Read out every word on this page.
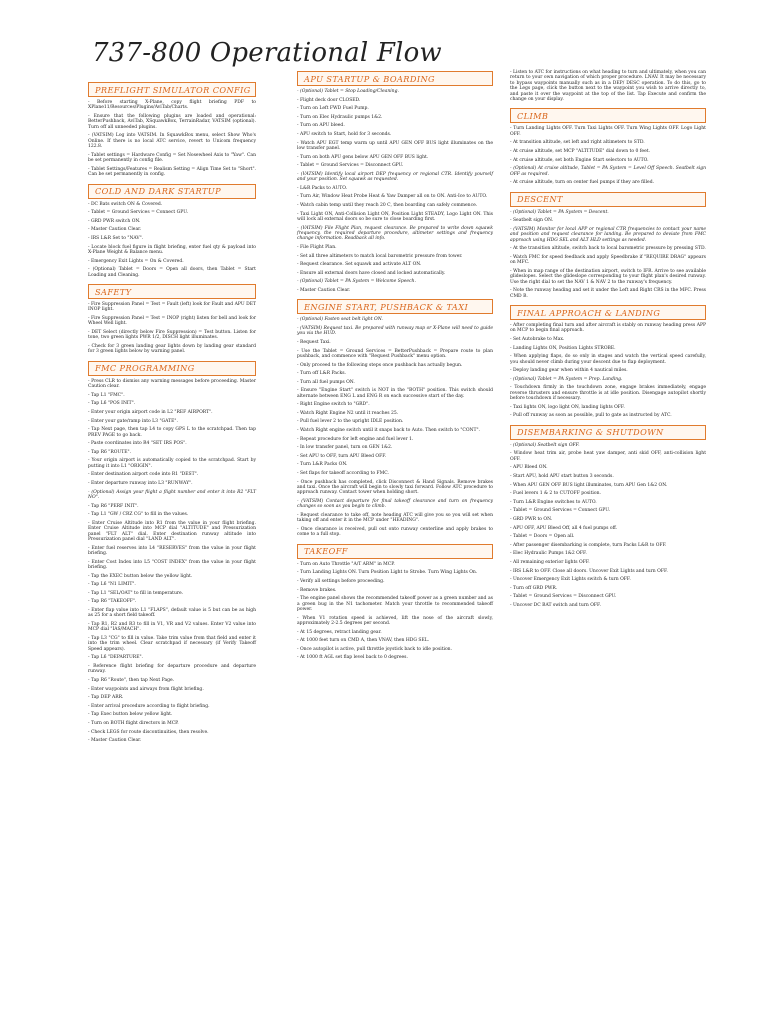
737-800 Operational Flow
PREFLIGHT SIMULATOR CONFIG
- Before starting X-Plane, copy flight briefing PDF to XPlane11/Resources/Plugins/AviTab/Charts.
- Ensure that the following plugins are loaded and operational: BetterPushback, AviTab, XSquawkBox, TerrainRadar, VATSIM (optional). Turn off all unneeded plugins.
- (VATSIM) Log into VATSIM. In SquawkBox menu, select Show Who's Online. If there is no local ATC service, revert to Unicom frequency 122.8.
- Tablet settings = Hardware Config = Set Nosewheel Axis to "Yaw". Can be set permanently in config file.
- Tablet Settings/Features = Realism Setting = Align Time Set to "Short". Can be set permanently in config.
COLD AND DARK STARTUP
- DC Bats switch ON & Covered.
- Tablet = Ground Services = Connect GPU.
- GRD PWR switch ON.
- Master Caution Clear.
- IRS L&R Set to "NAV".
- Locate block fuel figure in flight briefing, enter fuel qty & payload into X-Plane Weight & Balance menu.
- Emergency Exit Lights = On & Covered.
- (Optional) Tablet = Doors = Open all doors, then Tablet = Start Loading and Cleaning.
SAFETY
- Fire Suppression Panel = Test = Fault (left) look for Fault and APU DET INOP light.
- Fire Suppression Panel = Test = INOP (right) listen for bell and look for Wheel Well light.
- DET Select (directly below Fire Suppression) = Test button. Listen for tone, two green lights PWR 1/2, DISCH light illuminates.
- Check for 3 green landing gear lights down by landing gear standard for 3 green lights below by warning panel.
FMC PROGRAMMING
- Press CLR to dismiss any warning messages before proceeding. Master Caution clear.
- Tap L1 "FMC".
- Tap L6 "POS INIT".
- Enter your origin airport code in L2 "REF AIRPORT".
- Enter your gate/ramp into L3 "GATE".
- Tap Next page, then tap L4 to copy GPS L to the scratchpad. Then tap PREV PAGE to go back.
- Paste coordinates into R4 "SET IRS POS".
- Tap R6 "ROUTE".
- Your origin airport is automatically copied to the scratchpad. Start by putting it into L1 "ORIGIN".
- Enter destination airport code into R1 "DEST".
- Enter departure runway into L3 "RUNWAY".
- (Optional) Assign your flight a flight number and enter it into R2 "FLT NO".
- Tap R6 "PERF INIT".
- Tap L1 "GW / CRZ CG" to fill in the values.
- Enter Cruise Altitude into R1 from the value in your flight briefing. Enter Cruise Altitude into MCP dial "ALTITUDE" and Pressurization panel "FLT ALT" dial. Enter destination runway altitude into Pressurization panel dial "LAND ALT".
- Enter fuel reserves into L4 "RESERVES" from the value in your flight briefing.
- Enter Cost Index into L5 "COST INDEX" from the value in your flight briefing.
- Tap the EXEC button below the yellow light.
- Tap L6 "N1 LIMIT".
- Tap L1 "SEL/OAT" to fill in temperature.
- Tap R6 "TAKEOFF".
- Enter flap value into L1 "FLAPS", default value is 5 but can be as high as 25 for a short field takeoff.
- Tap R1, R2 and R3 to fill in V1, VR and V2 values. Enter V2 value into MCP dial "IAS/MACH".
- Tap L3 "CG" to fill in value. Take trim value from that field and enter it into the trim wheel. Clear scratchpad if necessary (if Verify Takeoff Speed appears).
- Tap L6 "DEPARTURE".
- Reference flight briefing for departure procedure and departure runway.
- Tap R6 "Route", then tap Next Page.
- Enter waypoints and airways from flight briefing.
- Tap DEP ARR.
- Enter arrival procedure according to flight briefing.
- Tap Exec button below yellow light.
- Turn on BOTH flight directors in MCP.
- Check LEGS for route discontinuities, then resolve.
- Master Caution Clear.
APU STARTUP & BOARDING
- (Optional) Tablet = Stop Loading/Cleaning.
- Flight deck door CLOSED.
- Turn on Left FWD Fuel Pump.
- Turn on Elec Hydraulic pumps 1&2.
- Turn on APU bleed.
- APU switch to Start, hold for 3 seconds.
- Watch APU EGT temp warm up until APU GEN OFF BUS light illuminates on the low transfer panel.
- Turn on both APU gens below APU GEN OFF BUS light.
- Tablet = Ground Services = Disconnect GPU.
- (VATSIM) Identify local airport DEP frequency or regional CTR. Identify yourself and your position. Set squawk as requested.
- L&R Packs to AUTO.
- Turn Air, Window Heat Probe Heat & Yaw Damper all on to ON. Anti-Ice to AUTO.
- Watch cabin temp until they reach 20 C, then boarding can safely commence.
- Taxi Light ON, Anti-Collision Light ON, Position Light STEADY, Logo Light ON. This will lock all external doors so be sure to close boarding first.
- (VATSIM) File Flight Plan, request clearance. Be prepared to write down squawk frequency, the required departure procedure, altimeter settings and frequency change information. Readback all info.
- File Flight Plan.
- Set all three altimeters to match local barometric pressure from tower.
- Request clearance. Set squawk and activate ALT ON.
- Ensure all external doors have closed and locked automatically.
- (Optional) Tablet = PA System = Welcome Speech.
- Master Caution Clear.
ENGINE START, PUSHBACK & TAXI
- (Optional) Fasten seat belt light ON.
- (VATSIM) Request taxi. Be prepared with runway map or X-Plane will need to guide you via the HUD.
- Request Taxi.
- Use the Tablet = Ground Services = BetterPushback = Prepare route to plan pushback, and commence with "Request Pushback" menu option.
- Only proceed to the following steps once pushback has actually begun.
- Turn off L&R Packs.
- Turn all fuel pumps ON.
- Ensure "Engine Start" switch is NOT in the "BOTH" position. This switch should alternate between ENG L and ENG R on each successive start of the day.
- Right Engine switch to "GRD".
- Watch Right Engine N2 until it reaches 25.
- Pull fuel lever 2 to the upright IDLE position.
- Watch Right engine switch until it snaps back to Auto. Then switch to "CONT".
- Repeat procedure for left engine and fuel lever 1.
- In low transfer panel, turn on GEN 1&2.
- Set APU to OFF, turn APU Bleed OFF.
- Turn L&R Packs ON.
- Set flaps for takeoff according to FMC.
- Once pushback has completed, click Disconnect & Hand Signals. Remove brakes and taxi. Once the aircraft will begin to slowly taxi forward. Follow ATC procedure to approach runway. Contact tower when holding short.
- (VATSIM) Contact departure for final takeoff clearance and turn on frequency changes so soon as you begin to climb.
- Request clearance to take off, note heading ATC will give you so you will set when taking off and enter it in the MCP under "HEADING".
- Once clearance is received, pull out onto runway centerline and apply brakes to come to a full stop.
TAKEOFF
- Turn on Auto Throttle "A/T ARM" in MCP.
- Turn Landing Lights ON. Turn Position Light to Strobe. Turn Wing Lights On.
- Verify all settings before proceeding.
- Remove brakes.
- The engine panel shows the recommended takeoff power as a green number and as a green bug in the N1 tachometer. Match your throttle to recommended takeoff power.
- When V1 rotation speed is achieved, lift the nose of the aircraft slowly, approximately 2-2.5 degrees per second.
- At 15 degrees, retract landing gear.
- At 1000 feet turn on CMD A, then VNAV, then HDG SEL.
- Once autopilot is active, pull throttle joystick back to idle position.
- At 1000 ft AGL set flap level back to 0 degrees.
- Listen to ATC for instructions on what heading to turn and ultimately, when you can return to your own navigation of which proper procedure. LNAV. It may be necessary to bypass waypoints manually such as in a DEP/ DESC operation. To do this, go to the Legs page, click the button next to the waypoint you wish to arrive directly to, and paste it over the waypoint at the top of the list. Tap Execute and confirm the change on your display.
CLIMB
- Turn Landing Lights OFF. Turn Taxi Lights OFF. Turn Wing Lights OFF. Logo Light OFF.
- At transition altitude, set left and right altimeters to STD.
- At cruise altitude, set MCP "ALTITUDE" dial down to 0 feet.
- At cruise altitude, set both Engine Start selectors to AUTO.
- (Optional) At cruise altitude, Tablet = PA System = Level Off Speech. Seatbelt sign OFF as required.
- At cruise altitude, turn on center fuel pumps if they are filled.
DESCENT
- (Optional) Tablet = PA System = Descent.
- Seatbelt sign ON.
- (VATSIM) Monitor for local APP or regional CTR frequencies to contact your name and position and request clearance for landing. Be prepared to deviate from FMC approach using HDG SEL and ALT HLD settings as needed.
- At the transition altitude, switch back to local barometric pressure by pressing STD.
- Watch FMC for speed feedback and apply Speedbrake if "REQUIRE DRAG" appears on MFC.
- When in map range of the destination airport, switch to IFR. Arrive to see available glideslopes. Select the glideslope corresponding to your flight plan's desired runway. Use the right dial to set the NAV 1 & NAV 2 to the runway's frequency.
- Note the runway heading and set it under the Left and Right CRS in the MFC. Press CMD B.
FINAL APPROACH & LANDING
- After completing final turn and after aircraft is stably on runway heading press APP on MCP to begin final approach.
- Set Autobrake to Max.
- Landing Lights ON, Position Lights STROBE.
- When applying flaps, do so only in stages and watch the vertical speed carefully, you should never climb during your descent due to flap deployment.
- Deploy landing gear when within 4 nautical miles.
- (Optional) Tablet = PA System = Prep. Landing.
- Touchdown firmly in the touchdown zone, engage brakes immediately, engage reverse thrusters and ensure throttle is at idle position. Disengage autopilot shortly before touchdown if necessary.
- Taxi lights ON, logo light ON, landing lights OFF.
- Pull off runway as soon as possible, pull to gate as instructed by ATC.
DISEMBARKING & SHUTDOWN
- (Optional) Seatbelt sign OFF.
- Window heat trim air, probe heat yaw damper, anti skid OFF, anti-collision light OFF.
- APU Bleed ON.
- Start APU, hold APU start button 3 seconds.
- When APU GEN OFF BUS light illuminates, turn APU Gen 1&2 ON.
- Fuel levers 1 & 2 to CUTOFF position.
- Turn L&R Engine switches to AUTO.
- Tablet = Ground Services = Connect GPU.
- GRD PWR to ON.
- APU OFF, APU Bleed Off, all 4 fuel pumps off.
- Tablet = Doors = Open all.
- After passenger disembarking is complete, turn Packs L&R to OFF.
- Elec Hydraulic Pumps 1&2 OFF.
- All remaining exterior lights OFF.
- IRS L&R to OFF. Close all doors. Uncover Exit Lights and turn OFF.
- Uncover Emergency Exit Lights switch & turn OFF.
- Turn off GRD PWR.
- Tablet = Ground Services = Disconnect GPU.
- Uncover DC BAT switch and turn OFF.
